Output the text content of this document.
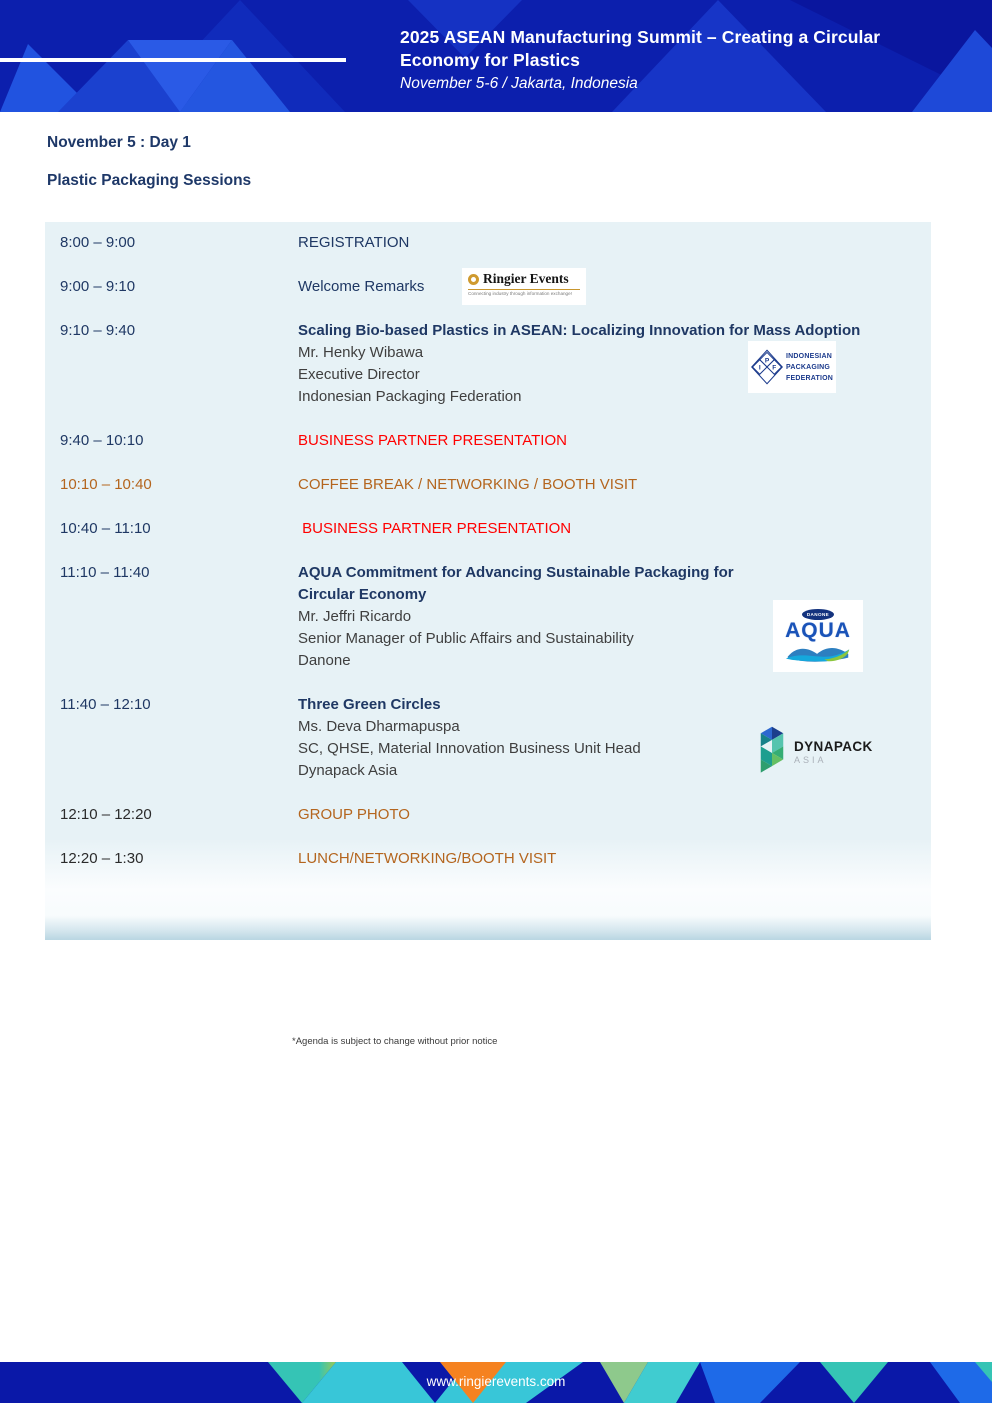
2025 ASEAN Manufacturing Summit – Creating a Circular Economy for Plastics
November 5-6 / Jakarta, Indonesia
November 5 : Day 1
Plastic Packaging Sessions
8:00 – 9:00	REGISTRATION
9:00 – 9:10	Welcome Remarks
9:10 – 9:40	Scaling Bio-based Plastics in ASEAN: Localizing Innovation for Mass Adoption
Mr. Henky Wibawa
Executive Director
Indonesian Packaging Federation
9:40 – 10:10	BUSINESS PARTNER PRESENTATION
10:10 – 10:40	COFFEE BREAK / NETWORKING / BOOTH VISIT
10:40 – 11:10	BUSINESS PARTNER PRESENTATION
11:10 – 11:40	AQUA Commitment for Advancing Sustainable Packaging for Circular Economy
Mr. Jeffri Ricardo
Senior Manager of Public Affairs and Sustainability
Danone
11:40 – 12:10	Three Green Circles
Ms. Deva Dharmapuspa
SC, QHSE, Material Innovation Business Unit Head
Dynapack Asia
12:10 – 12:20	GROUP PHOTO
12:20 – 1:30	LUNCH/NETWORKING/BOOTH VISIT
Ringier Events
Connecting industry through information exchange!
P
I F
INDONESIAN
PACKAGING
FEDERATION
DANONE
AQUA
DYNAPACK
ASIA

*Agenda is subject to change without prior notice

www.ringierevents.com
